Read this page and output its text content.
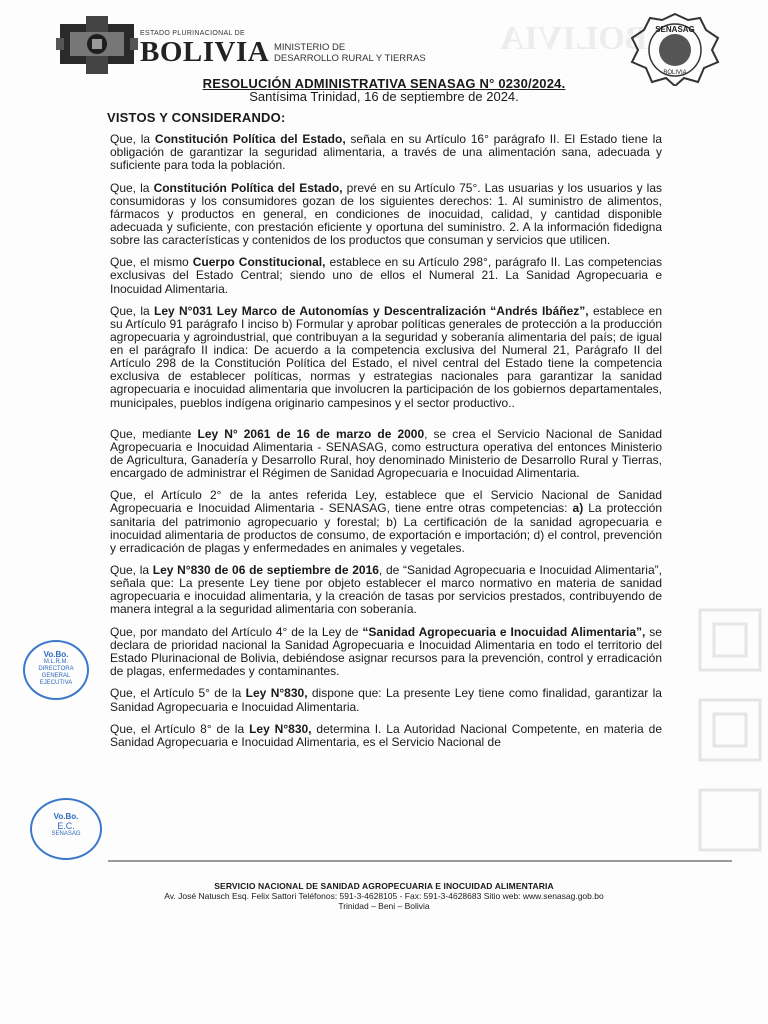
BOLIVIA
ESTADO PLURINACIONAL DE
BOLIVIA MINISTERIO DE
DESARROLLO RURAL Y TIERRAS
SENASAG
BOLIVIA
RESOLUCIÓN ADMINISTRATIVA SENASAG N° 0230/2024.
Santísima Trinidad, 16 de septiembre de 2024.
VISTOS Y CONSIDERANDO:

Que, la Constitución Política del Estado, señala en su Artículo 16° parágrafo II. El Estado tiene la obligación de garantizar la seguridad alimentaria, a través de una alimentación sana, adecuada y suficiente para toda la población.

Que, la Constitución Política del Estado, prevé en su Artículo 75°. Las usuarias y los usuarios y las consumidoras y los consumidores gozan de los siguientes derechos: 1. Al suministro de alimentos, fármacos y productos en general, en condiciones de inocuidad, calidad, y cantidad disponible adecuada y suficiente, con prestación eficiente y oportuna del suministro. 2. A la información fidedigna sobre las características y contenidos de los productos que consuman y servicios que utilicen.

Que, el mismo Cuerpo Constitucional, establece en su Artículo 298°, parágrafo II. Las competencias exclusivas del Estado Central; siendo uno de ellos el Numeral 21. La Sanidad Agropecuaria e Inocuidad Alimentaria.

Que, la Ley N°031 Ley Marco de Autonomías y Descentralización “Andrés Ibáñez”, establece en su Artículo 91 parágrafo I inciso b) Formular y aprobar políticas generales de protección a la producción agropecuaria y agroindustrial, que contribuyan a la seguridad y soberanía alimentaria del país; de igual en el parágrafo II indica: De acuerdo a la competencia exclusiva del Numeral 21, Parágrafo II del Artículo 298 de la Constitución Política del Estado, el nivel central del Estado tiene la competencia exclusiva de establecer políticas, normas y estrategias nacionales para garantizar la sanidad agropecuaria e inocuidad alimentaria que involucren la participación de los gobiernos departamentales, municipales, pueblos indígena originario campesinos y el sector productivo..

Que, mediante Ley N° 2061 de 16 de marzo de 2000, se crea el Servicio Nacional de Sanidad Agropecuaria e Inocuidad Alimentaria - SENASAG, como estructura operativa del entonces Ministerio de Agricultura, Ganadería y Desarrollo Rural, hoy denominado Ministerio de Desarrollo Rural y Tierras, encargado de administrar el Régimen de Sanidad Agropecuaria e Inocuidad Alimentaria.

Que, el Artículo 2° de la antes referida Ley, establece que el Servicio Nacional de Sanidad Agropecuaria e Inocuidad Alimentaria - SENASAG, tiene entre otras competencias: a) La protección sanitaria del patrimonio agropecuario y forestal; b) La certificación de la sanidad agropecuaria e inocuidad alimentaria de productos de consumo, de exportación e importación; d) el control, prevención y erradicación de plagas y enfermedades en animales y vegetales.

Que, la Ley N°830 de 06 de septiembre de 2016, de “Sanidad Agropecuaria e Inocuidad Alimentaria”, señala que: La presente Ley tiene por objeto establecer el marco normativo en materia de sanidad agropecuaria e inocuidad alimentaria, y la creación de tasas por servicios prestados, contribuyendo de manera integral a la seguridad alimentaria con soberanía.

Que, por mandato del Artículo 4° de la Ley de “Sanidad Agropecuaria e Inocuidad Alimentaria”, se declara de prioridad nacional la Sanidad Agropecuaria e Inocuidad Alimentaria en todo el territorio del Estado Plurinacional de Bolivia, debiéndose asignar recursos para la prevención, control y erradicación de plagas, enfermedades y contaminantes.

Que, el Artículo 5° de la Ley N°830, dispone que: La presente Ley tiene como finalidad, garantizar la Sanidad Agropecuaria e Inocuidad Alimentaria.

Que, el Artículo 8° de la Ley N°830, determina I. La Autoridad Nacional Competente, en materia de Sanidad Agropecuaria e Inocuidad Alimentaria, es el Servicio Nacional de

Vo.Bo.
M.L.R.M.
DIRECTORA GENERAL
EJECUTIVA
Vo.Bo.
E.C.
SENASAG
SERVICIO NACIONAL DE SANIDAD AGROPECUARIA E INOCUIDAD ALIMENTARIA
Av. José Natusch Esq. Felix Sattori Teléfonos: 591-3-4628105 - Fax: 591-3-4628683 Sitio web: www.senasag.gob.bo
Trinidad – Beni – Bolivia
